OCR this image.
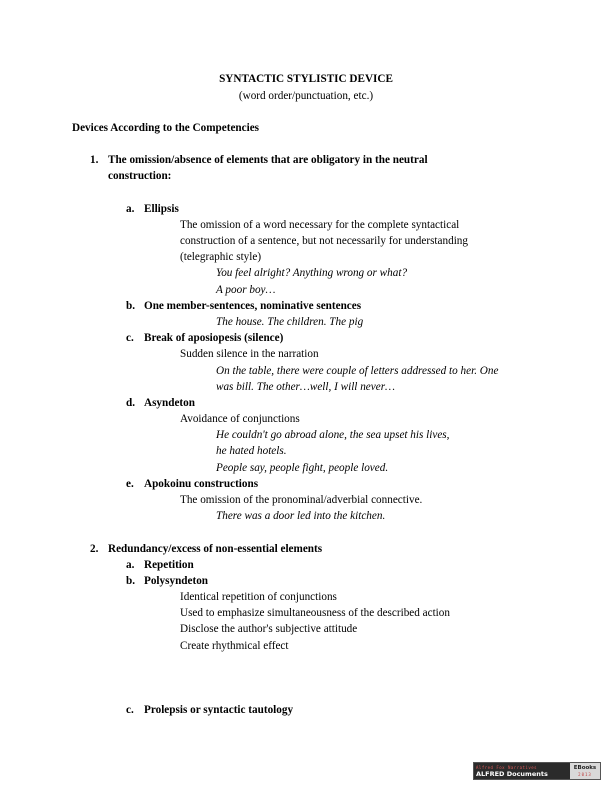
SYNTACTIC STYLISTIC DEVICE
(word order/punctuation, etc.)
Devices According to the Competencies
1. The omission/absence of elements that are obligatory in the neutral
construction:
a. Ellipsis
The omission of a word necessary for the complete syntactical
construction of a sentence, but not necessarily for understanding
(telegraphic style)
You feel alright? Anything wrong or what?
A poor boy…
b. One member-sentences, nominative sentences
The house. The children. The pig
c. Break of aposiopesis (silence)
Sudden silence in the narration
On the table, there were couple of letters addressed to her. One
was bill. The other…well, I will never…
d. Asyndeton
Avoidance of conjunctions
He couldn't go abroad alone, the sea upset his lives,
he hated hotels.
People say, people fight, people loved.
e. Apokoinu constructions
The omission of the pronominal/adverbial connective.
There was a door led into the kitchen.
2. Redundancy/excess of non-essential elements
a. Repetition
b. Polysyndeton
Identical repetition of conjunctions
Used to emphasize simultaneousness of the described action
Disclose the author's subjective attitude
Create rhythmical effect
c. Prolepsis or syntactic tautology
Alfred Fox Narratives
ALFRED Documents
EBooks
2013
